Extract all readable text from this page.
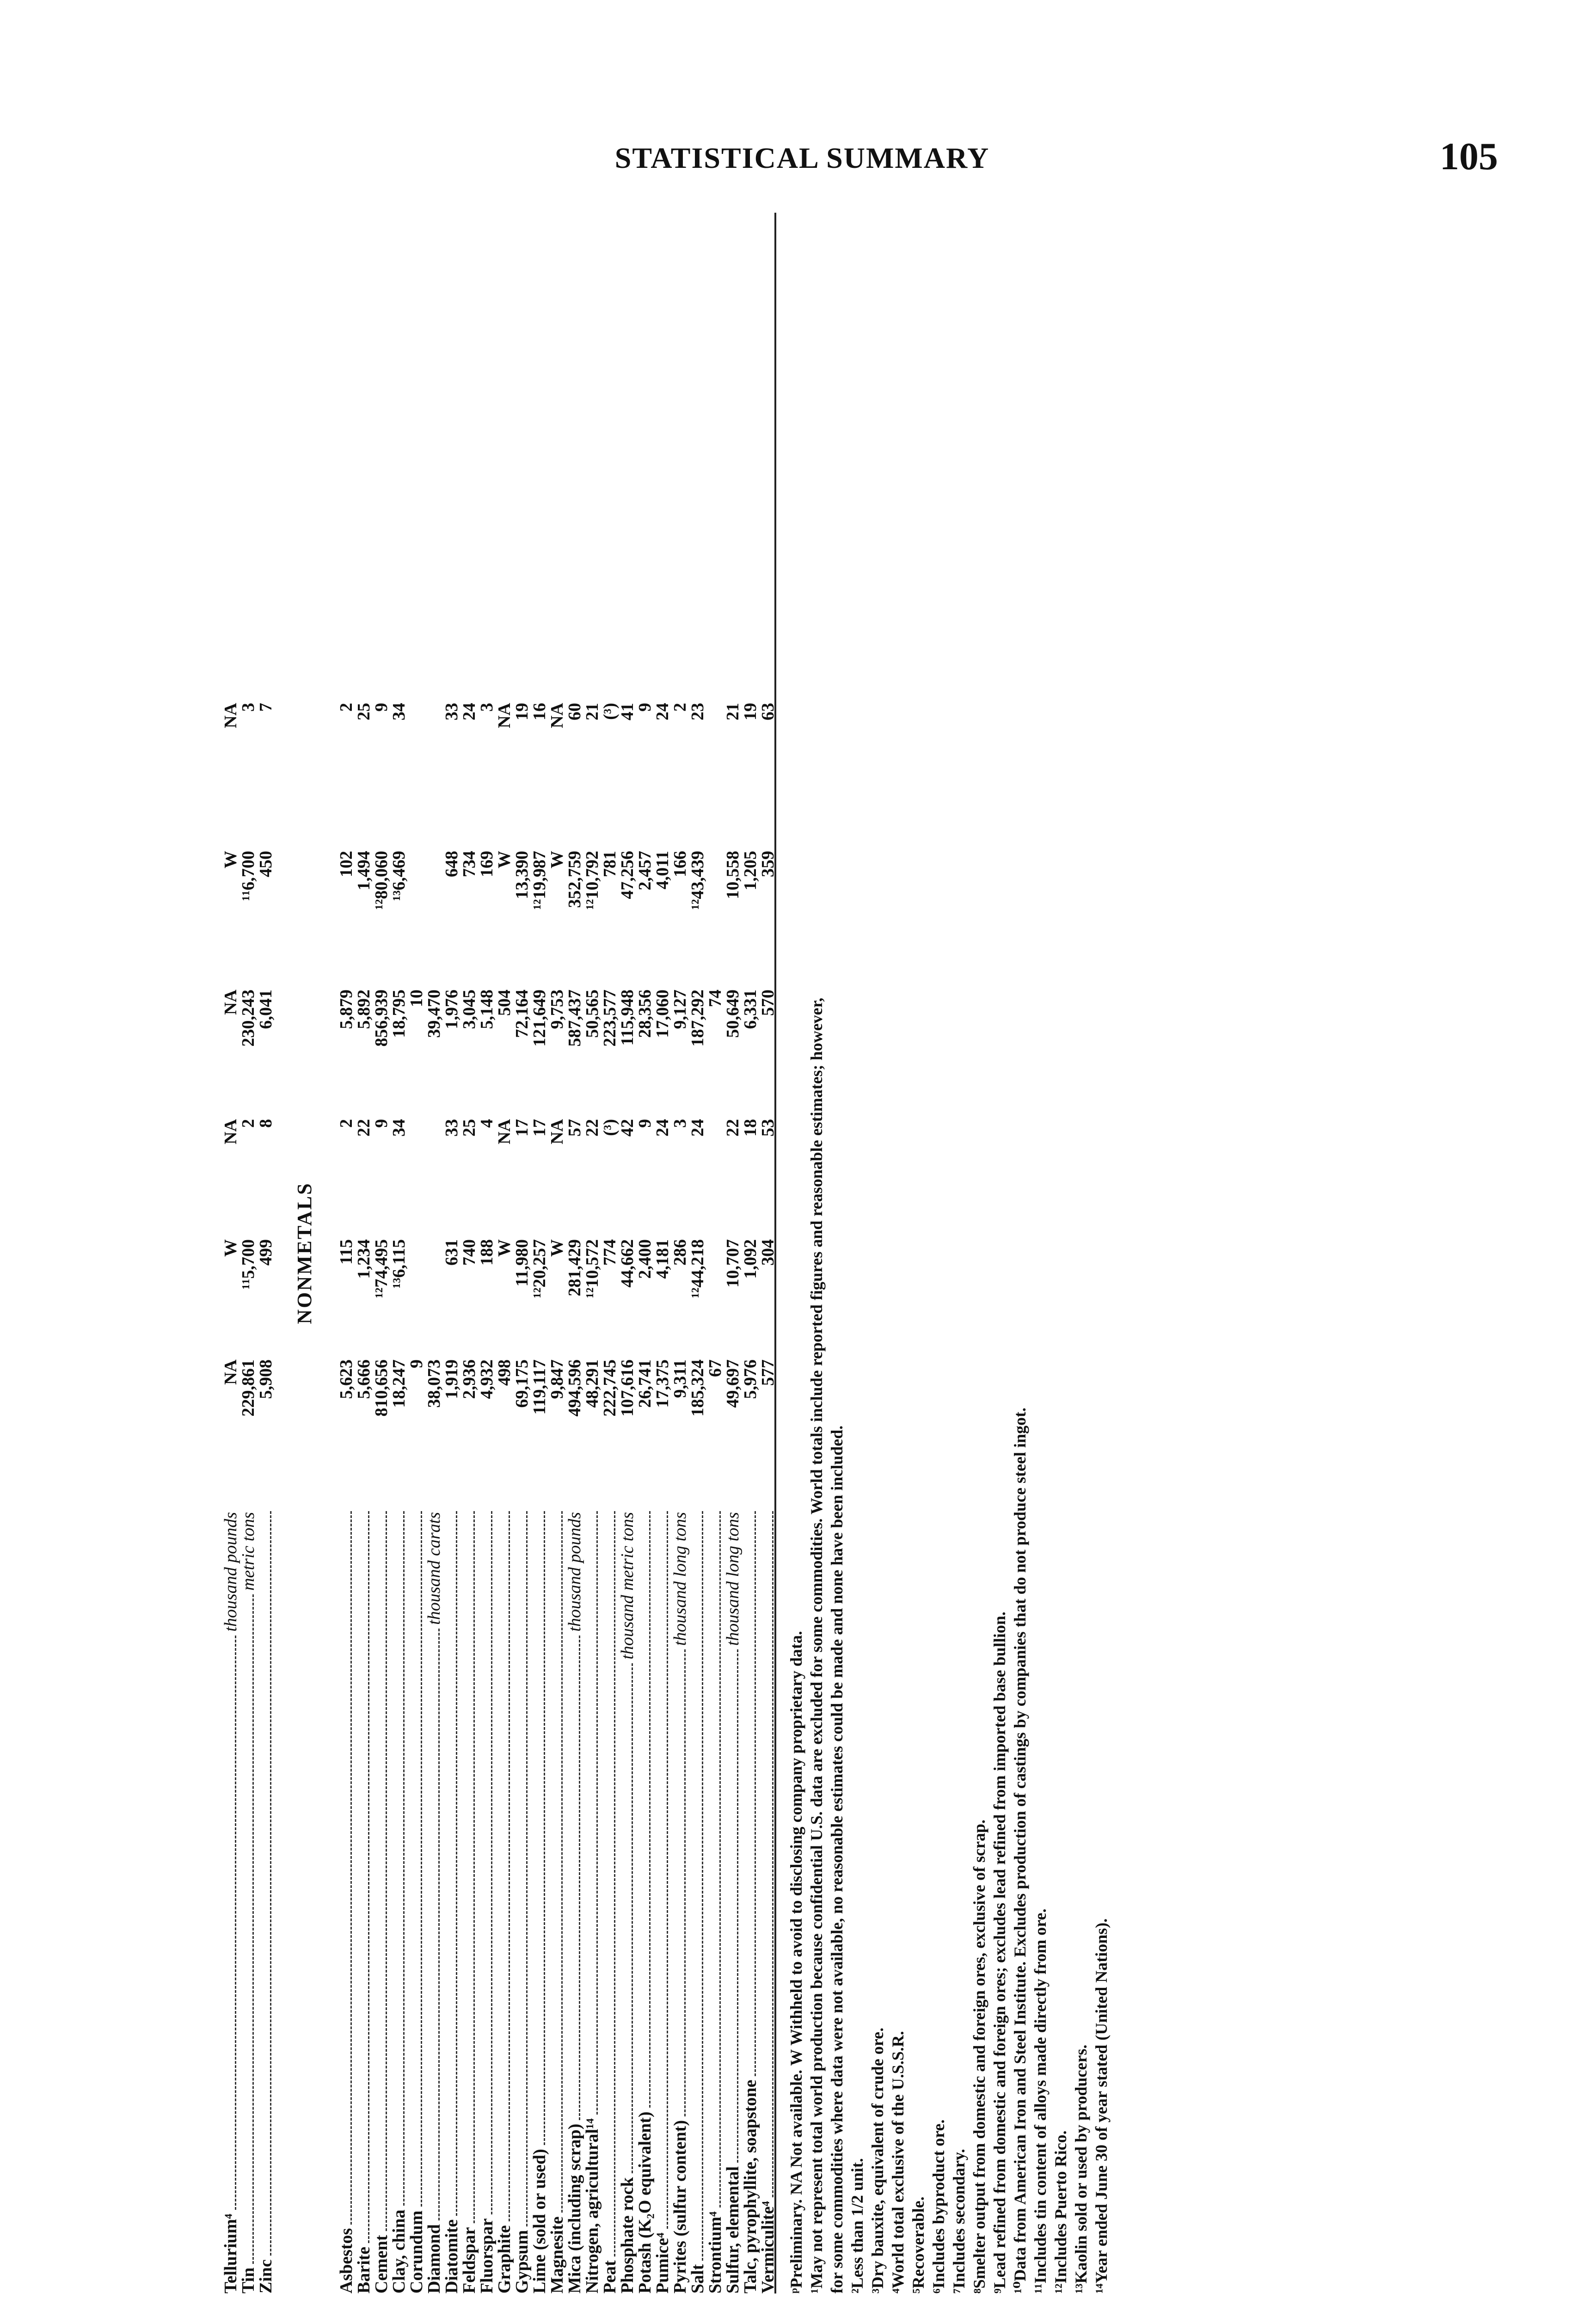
STATISTICAL SUMMARY	105
Tellurium⁴
thousand pounds
NA
W
NA
NA
W
NA
Tin
metric tons
229,861
¹¹5,700
2
230,243
¹¹6,700
3
Zinc
5,908
499
8
6,041
450
7
NONMETALS
Asbestos
5,623
115
2
5,879
102
2
Barite
5,666
1,234
22
5,892
1,494
25
Cement
810,656
¹²74,495
9
856,939
¹²80,060
9
Clay, china
18,247
¹³6,115
34
18,795
¹³6,469
34
Corundum
9
10
Diamond
thousand carats
38,073
39,470
Diatomite
1,919
631
33
1,976
648
33
Feldspar
2,936
740
25
3,045
734
24
Fluorspar
4,932
188
4
5,148
169
3
Graphite
498
W
NA
504
W
NA
Gypsum
69,175
11,980
17
72,164
13,390
19
Lime (sold or used)
119,117
¹²20,257
17
121,649
¹²19,987
16
Magnesite
9,847
W
NA
9,753
W
NA
Mica (including scrap)
thousand pounds
494,596
281,429
57
587,437
352,759
60
Nitrogen, agricultural¹⁴
48,291
¹²10,572
22
50,565
¹²10,792
21
Peat
222,745
774
(³)
223,577
781
(³)
Phosphate rock
thousand metric tons
107,616
44,662
42
115,948
47,256
41
Potash (K₂O equivalent)
26,741
2,400
9
28,356
2,457
9
Pumice⁴
17,375
4,181
24
17,060
4,011
24
Pyrites (sulfur content)
thousand long tons
9,311
286
3
9,127
166
2
Salt
185,324
¹²44,218
24
187,292
¹²43,439
23
Strontium⁴
67
74
Sulfur, elemental
thousand long tons
49,697
10,707
22
50,649
10,558
21
Talc, pyrophyllite, soapstone
5,976
1,092
18
6,331
1,205
19
Vermiculite⁴
577
304
53
570
359
63

ᵖPreliminary. NA Not available. W Withheld to avoid to disclosing company proprietary data. ¹May not represent total world production because confidential U.S. data are excluded for some commodities. World totals include reported figures and reasonable estimates; however, for some commodities where data were not available, no reasonable estimates could be made and none have been included. ²Less than 1/2 unit. ³Dry bauxite, equivalent of crude ore. ⁴World total exclusive of the U.S.S.R. ⁵Recoverable. ⁶Includes byproduct ore. ⁷Includes secondary. ⁸Smelter output from domestic and foreign ores, exclusive of scrap. ⁹Lead refined from domestic and foreign ores; excludes lead refined from imported base bullion. ¹⁰Data from American Iron and Steel Institute. Excludes production of castings by companies that do not produce steel ingot. ¹¹Includes tin content of alloys made directly from ore. ¹²Includes Puerto Rico. ¹³Kaolin sold or used by producers. ¹⁴Year ended June 30 of year stated (United Nations).
